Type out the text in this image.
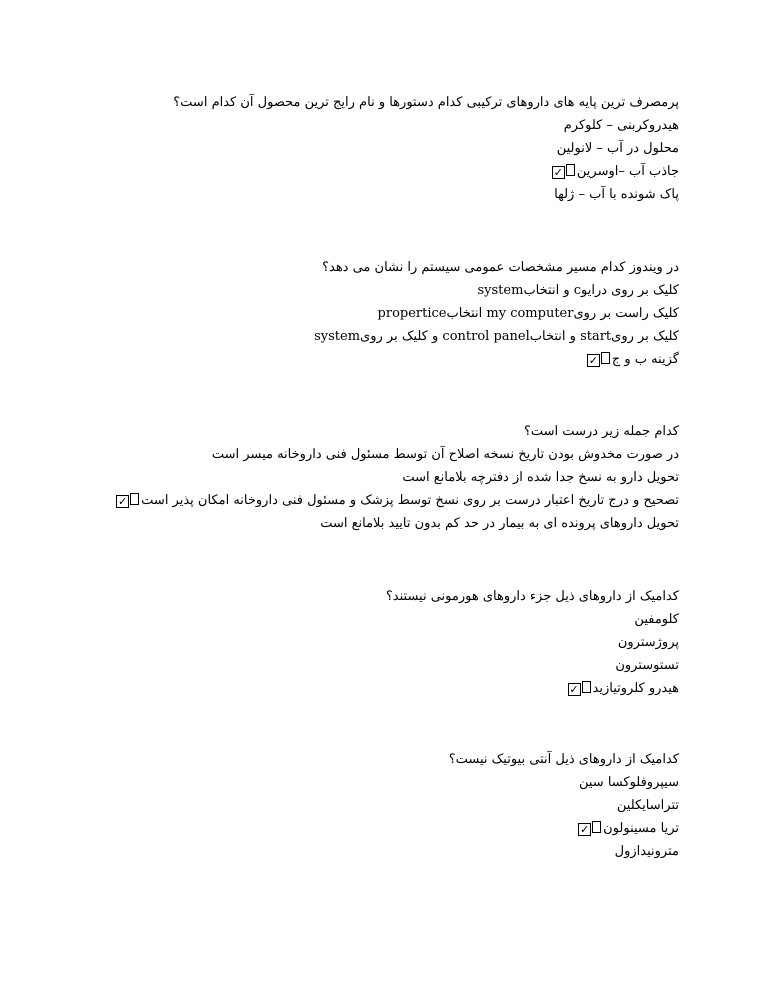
پرمصرف ترین پایه های داروهای ترکیبی کدام دستورها و نام رایج ترین محصول آن کدام است؟
هیدروکربنی – کلوکرم
محلول در آب – لانولین
جاذب آب –اوسرین✓
پاک شونده با آب – ژلها
در ویندوز کدام مسیر مشخصات عمومی سیستم را نشان می دهد؟
کلیک بر روی درایو‌c و انتخاب‌system
کلیک راست بر روی‌my computer انتخاب‌propertice
کلیک بر روی‌start و انتخاب‌control panel و کلیک بر روی‌system
گزینه ب و ج✓
کدام جمله زیر درست است؟
در صورت مخدوش بودن تاریخ نسخه اصلاح آن توسط مسئول فنی داروخانه میسر است
تحویل دارو به نسخ جدا شده از دفترچه بلامانع است
تصحیح و درج تاریخ اعتبار درست بر روی نسخ توسط پزشک و مسئول فنی داروخانه امکان پذیر است✓
تحویل داروهای پرونده ای به بیمار در حد کم بدون تایید بلامانع است
کدامیک از داروهای ذیل جزء داروهای هورمونی نیستند؟
کلومفین
پروژسترون
تستوسترون
هیدرو کلروتیازید✓
کدامیک از داروهای ذیل آنتی بیوتیک نیست؟
سیپروفلوکسا سین
تتراسایکلین
تریا مسینولون✓
مترونیدازول
